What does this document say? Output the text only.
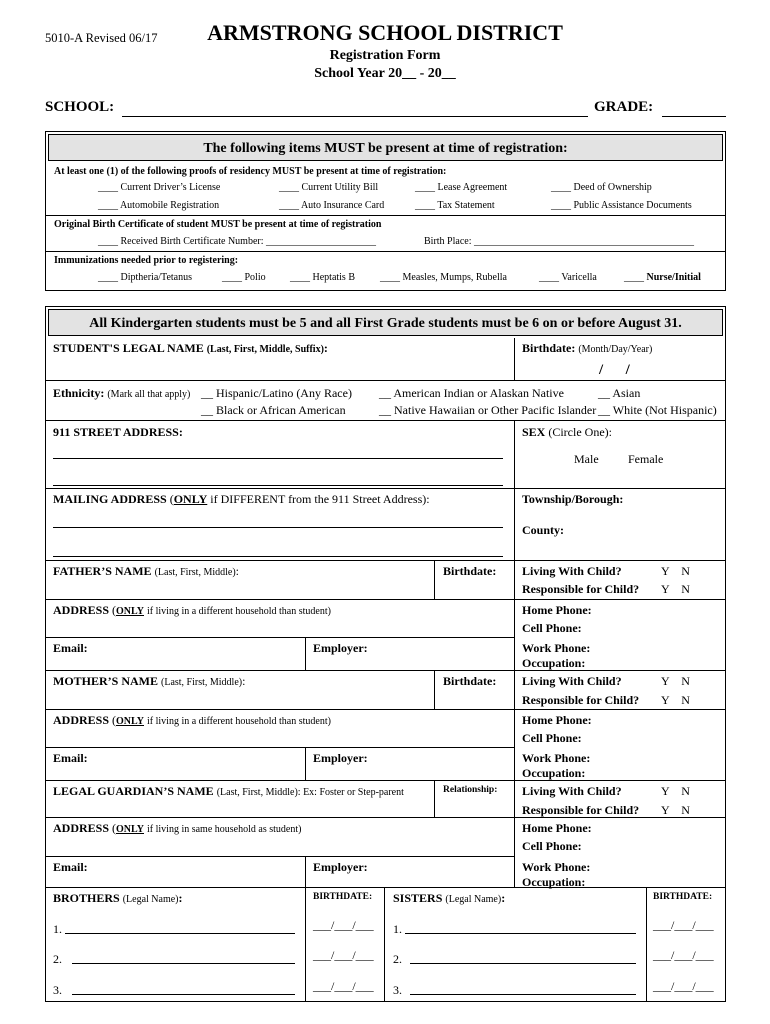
5010-A Revised 06/17	ARMSTRONG SCHOOL DISTRICT
Registration Form
School Year 20__ - 20__
SCHOOL:	GRADE:
The following items MUST be present at time of registration:
At least one (1) of the following proofs of residency MUST be present at time of registration:
____ Current Driver’s License	____ Current Utility Bill	____ Lease Agreement	____ Deed of Ownership
____ Automobile Registration	____ Auto Insurance Card	____ Tax Statement	____ Public Assistance Documents
Original Birth Certificate of student MUST be present at time of registration
____ Received Birth Certificate Number: ______________________	Birth Place: ____________________________________________
Immunizations needed prior to registering:
____ Diptheria/Tetanus	____ Polio ____ Heptatis B	____ Measles, Mumps, Rubella	____ Varicella	____ Nurse/Initial
All Kindergarten students must be 5 and all First Grade students must be 6 on or before August 31.
STUDENT'S LEGAL NAME (Last, First, Middle, Suffix):	Birthdate: (Month/Day/Year)
/      /
Ethnicity: (Mark all that apply) __ Hispanic/Latino (Any Race) __ American Indian or Alaskan Native	__ Asian
__ Black or African American	__ Native Hawaiian or Other Pacific Islander __ White (Not Hispanic)
911 STREET ADDRESS:	SEX (Circle One):
Male Female
MAILING ADDRESS (ONLY if DIFFERENT from the 911 Street Address):	Township/Borough:
County:
FATHER’S NAME (Last, First, Middle):	Birthdate: Living With Child?	Y    N
Responsible for Child? Y    N
ADDRESS (ONLY if living in a different household than student)	Home Phone:
Cell Phone:
Email:	Employer:	Work Phone:
Occupation:
MOTHER’S NAME (Last, First, Middle):	Birthdate: Living With Child?	Y    N
Responsible for Child? Y    N
ADDRESS (ONLY if living in a different household than student)	Home Phone:
Cell Phone:
Email:	Employer:	Work Phone:
Occupation:
LEGAL GUARDIAN’S NAME (Last, First, Middle): Ex: Foster or Step-parent	Relationship: Living With Child?	Y    N
Responsible for Child? Y    N
ADDRESS (ONLY if living in same household as student)	Home Phone:
Cell Phone:
Email:	Employer:	Work Phone:
Occupation:
BROTHERS (Legal Name):	BIRTHDATE: SISTERS (Legal Name):	BIRTHDATE:
1.	___/___/___ 1.	___/___/___
2.	___/___/___ 2.	___/___/___
3.	___/___/___ 3.	___/___/___
